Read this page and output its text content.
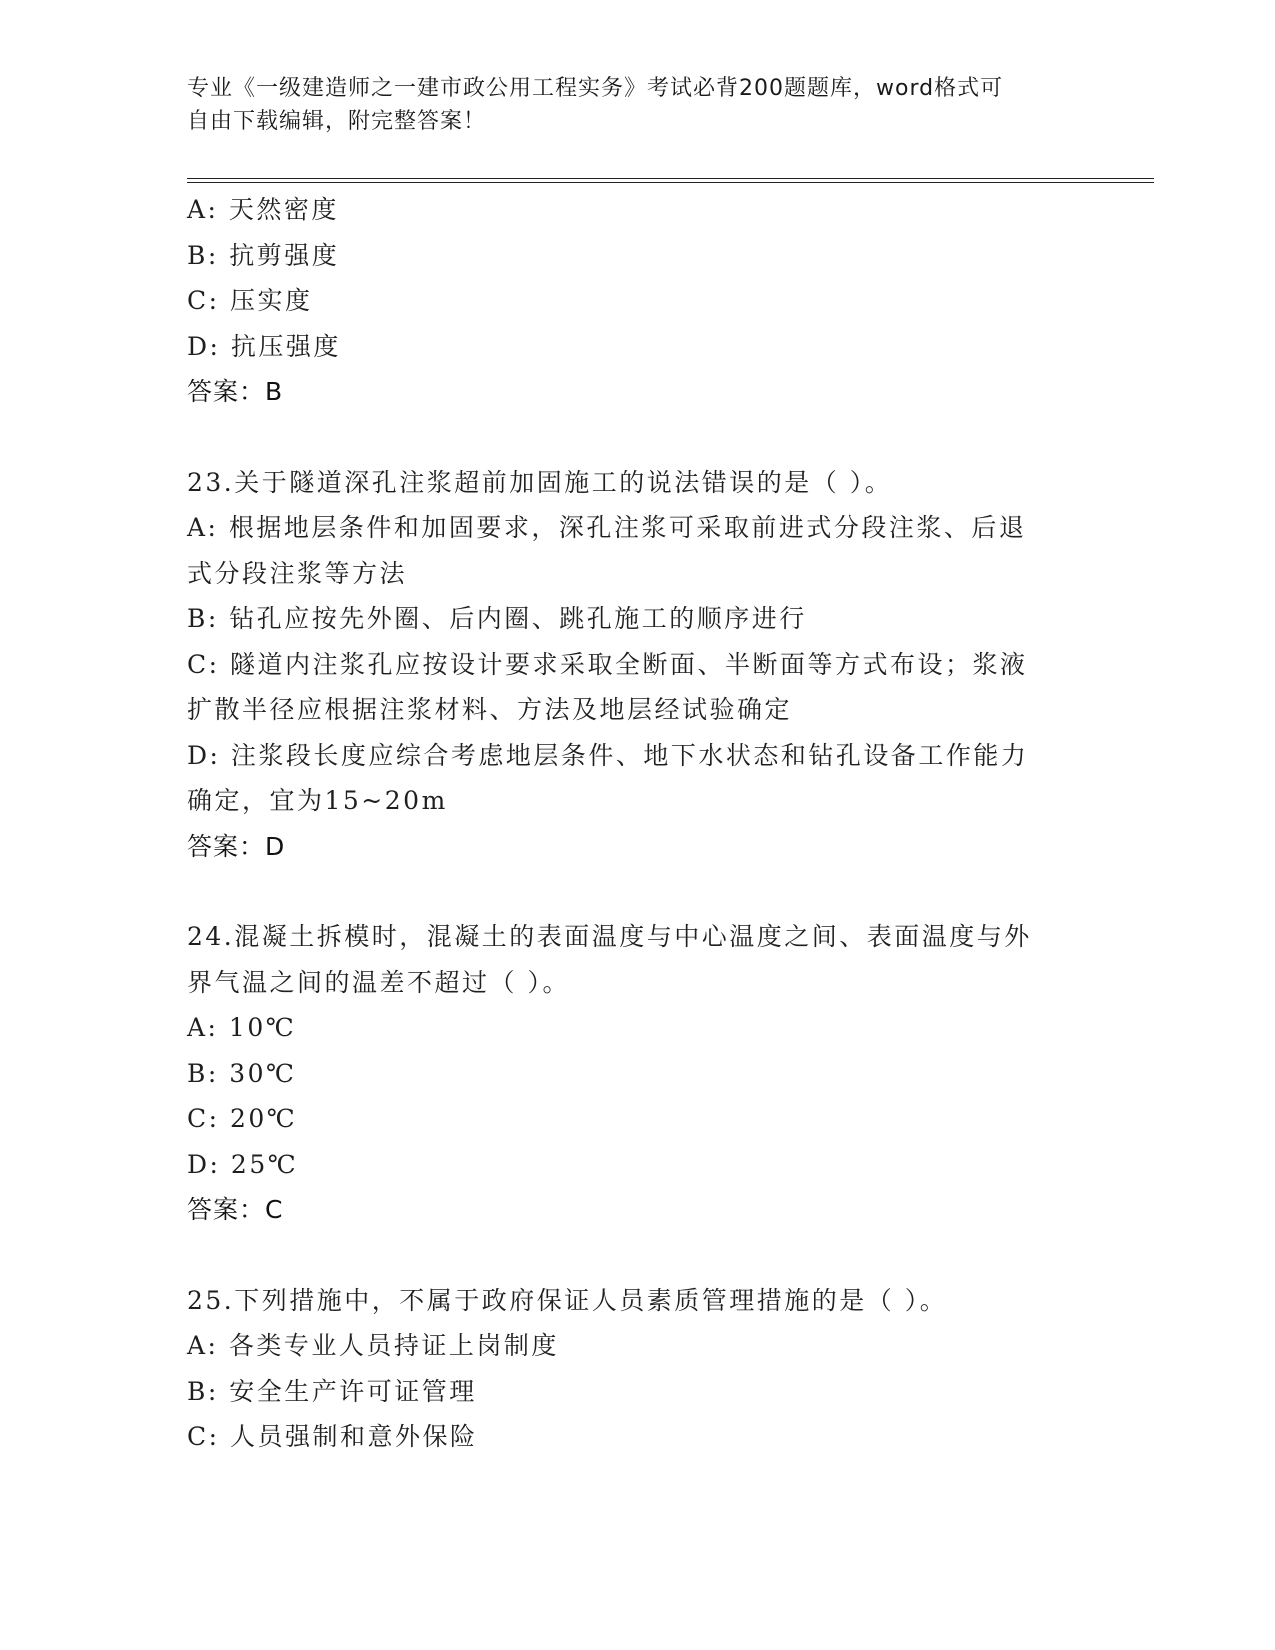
专业《一级建造师之一建市政公用工程实务》考试必背200题题库，word格式可
自由下载编辑，附完整答案！
A: 天然密度
B: 抗剪强度
C: 压实度
D: 抗压强度
答案：B
23.关于隧道深孔注浆超前加固施工的说法错误的是（ ）。
A: 根据地层条件和加固要求，深孔注浆可采取前进式分段注浆、后退
式分段注浆等方法
B: 钻孔应按先外圈、后内圈、跳孔施工的顺序进行
C: 隧道内注浆孔应按设计要求采取全断面、半断面等方式布设；浆液
扩散半径应根据注浆材料、方法及地层经试验确定
D: 注浆段长度应综合考虑地层条件、地下水状态和钻孔设备工作能力
确定，宜为15~20m
答案：D
24.混凝土拆模时，混凝土的表面温度与中心温度之间、表面温度与外
界气温之间的温差不超过（ ）。
A: 10℃
B: 30℃
C: 20℃
D: 25℃
答案：C
25.下列措施中，不属于政府保证人员素质管理措施的是（ ）。
A: 各类专业人员持证上岗制度
B: 安全生产许可证管理
C: 人员强制和意外保险
